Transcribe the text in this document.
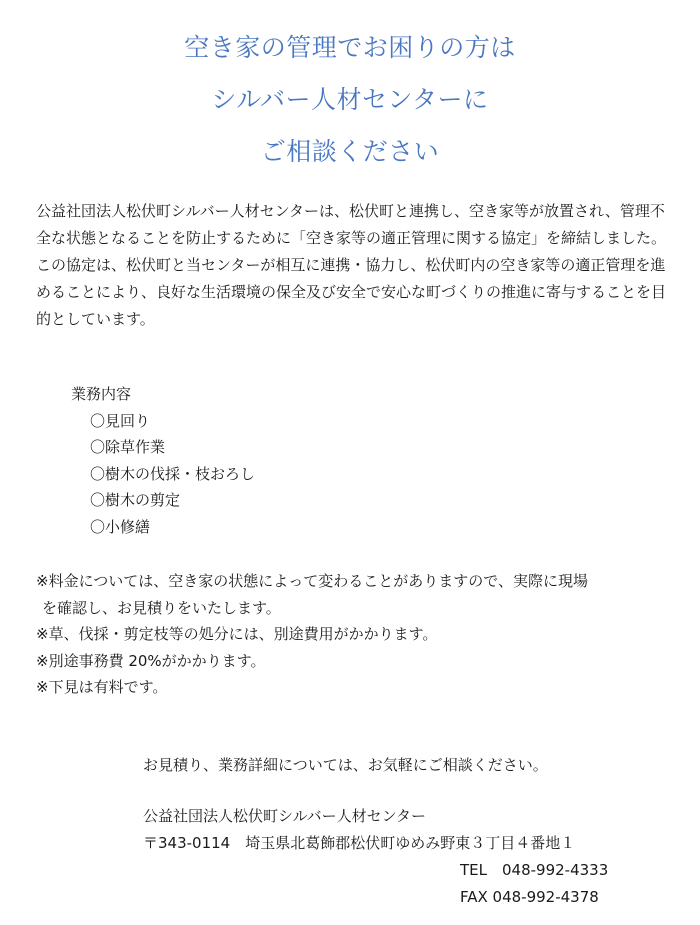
空き家の管理でお困りの方は
シルバー人材センターに
ご相談ください

公益社団法人松伏町シルバー人材センターは、松伏町と連携し、空き家等が放置され、管理不全な状態となることを防止するために「空き家等の適正管理に関する協定」を締結しました。

この協定は、松伏町と当センターが相互に連携・協力し、松伏町内の空き家等の適正管理を進めることにより、良好な生活環境の保全及び安全で安心な町づくりの推進に寄与することを目的としています。

業務内容

〇見回り
〇除草作業
〇樹木の伐採・枝おろし
〇樹木の剪定
〇小修繕

※料金については、空き家の状態によって変わることがありますので、実際に現場

を確認し、お見積りをいたします。

※草、伐採・剪定枝等の処分には、別途費用がかかります。

※別途事務費 20%がかかります。

※下見は有料です。

お見積り、業務詳細については、お気軽にご相談ください。

公益社団法人松伏町シルバー人材センター

〒343-0114　埼玉県北葛飾郡松伏町ゆめみ野東３丁目４番地１

TEL　048-992-4333

FAX 048-992-4378
